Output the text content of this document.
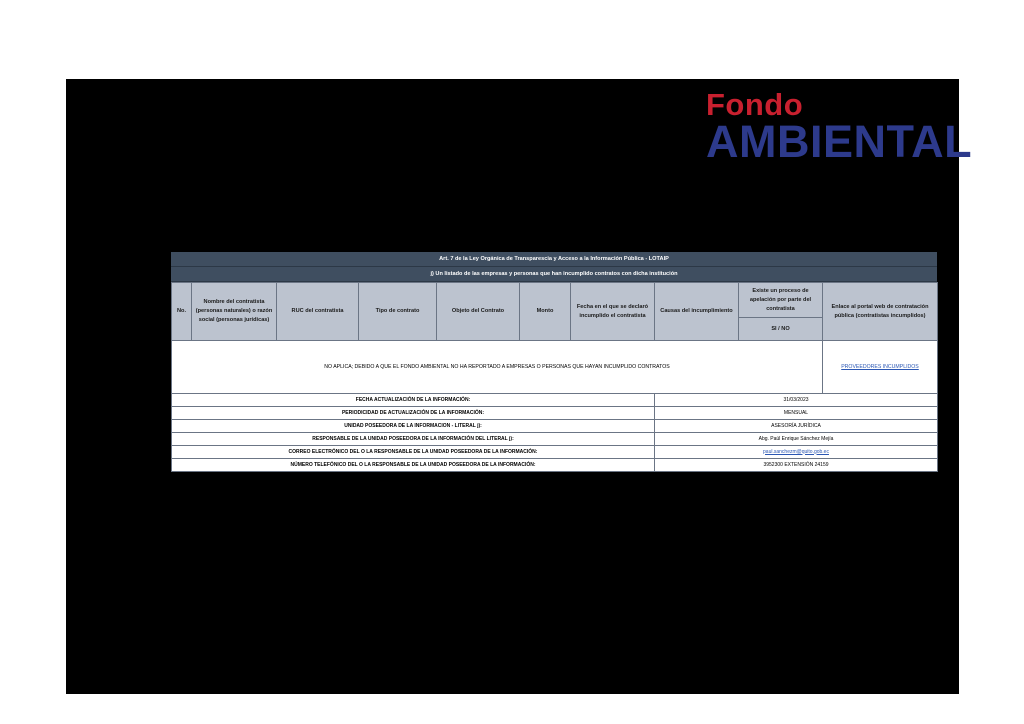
Fondo
AMBIENTAL
Art. 7 de la Ley Orgánica de Transparescia y Acceso a la Información Pública - LOTAIP
j) Un listado de las empresas y personas que han incumplido contratos con dicha institución
No.	Nombre del contratista (personas naturales) o razón social (personas jurídicas)	RUC del contratista	Tipo de contrato	Objeto del Contrato	Monto	Fecha en el que se declaró incumplido el contratista	Causas del incumplimiento	Existe un proceso de apelación por parte del contratista	Enlace al portal web de contratación pública (contratistas incumplidos)
								SI / NO	
NO APLICA; DEBIDO A QUE EL FONDO AMBIENTAL NO HA REPORTADO A EMPRESAS O PERSONAS QUE HAYAN INCUMPLIDO CONTRATOS									PROVEEDORES INCUMPLIDOS
FECHA ACTUALIZACIÓN DE LA INFORMACIÓN:							31/03/2023		
PERIODICIDAD DE ACTUALIZACIÓN DE LA INFORMACIÓN:							MENSUAL		
UNIDAD POSEEDORA DE LA INFORMACION - LITERAL j):							ASESORÍA JURÍDICA		
RESPONSABLE DE LA UNIDAD POSEEDORA DE LA INFORMACIÓN DEL LITERAL j):							Abg. Paúl Enrique Sánchez Mejía		
CORREO ELECTRÓNICO DEL O LA RESPONSABLE DE LA UNIDAD POSEEDORA DE LA INFORMACIÓN:							paul.sanchezm@quito.gob.ec		
NÚMERO TELEFÓNICO DEL O LA RESPONSABLE DE LA UNIDAD POSEEDORA DE LA INFORMACIÓN:							3952300 EXTENSIÓN 24159		
